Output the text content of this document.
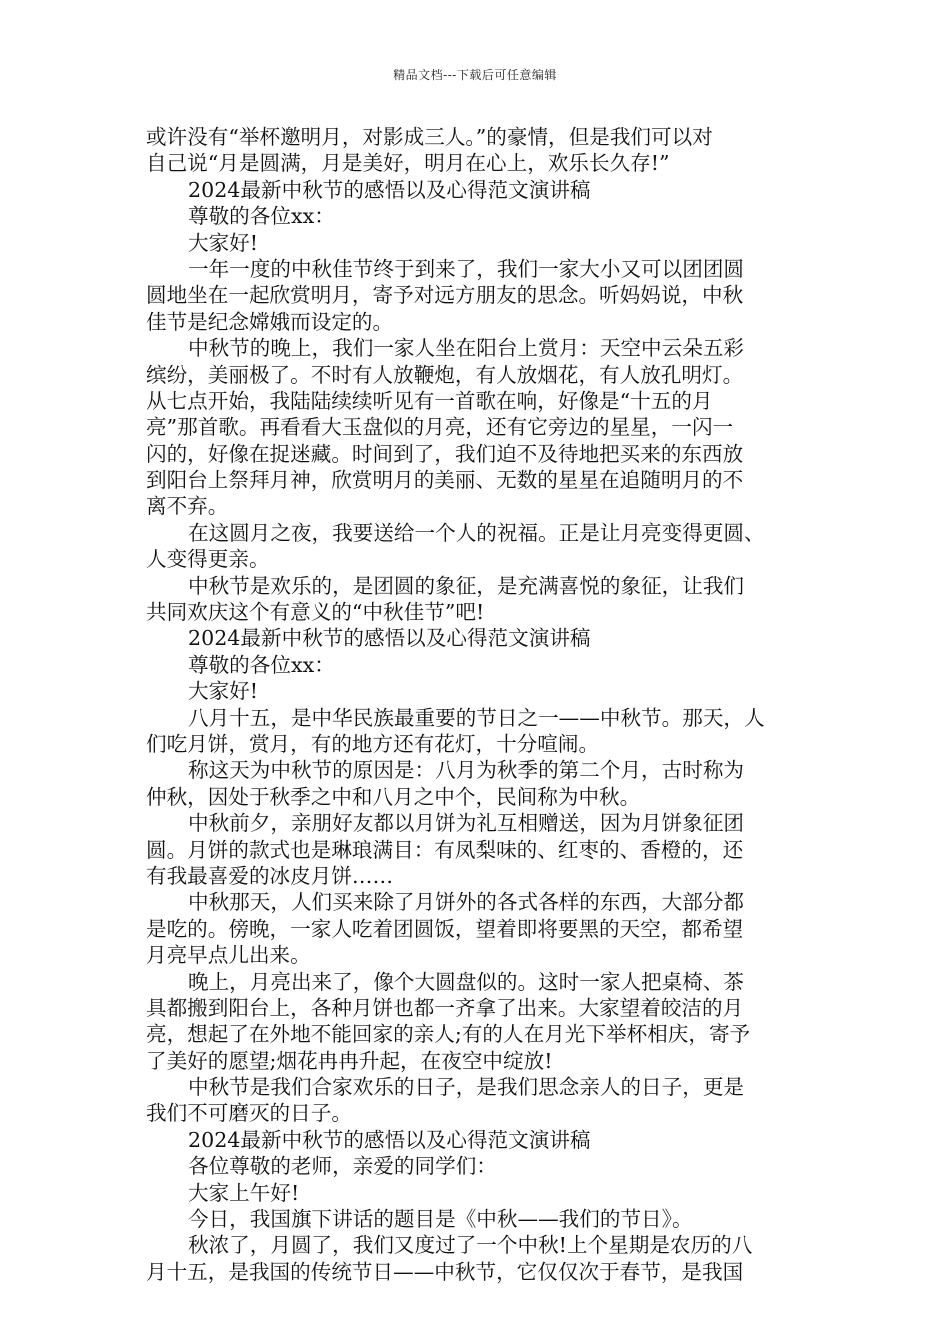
精品文档---下载后可任意编辑
或许没有“举杯邀明月，对影成三人。”的豪情，但是我们可以对
自己说“月是圆满，月是美好，明月在心上，欢乐长久存!”
2024最新中秋节的感悟以及心得范文演讲稿
尊敬的各位xx：
大家好!
一年一度的中秋佳节终于到来了，我们一家大小又可以团团圆
圆地坐在一起欣赏明月，寄予对远方朋友的思念。听妈妈说，中秋
佳节是纪念嫦娥而设定的。
中秋节的晚上，我们一家人坐在阳台上赏月：天空中云朵五彩
缤纷，美丽极了。不时有人放鞭炮，有人放烟花，有人放孔明灯。
从七点开始，我陆陆续续听见有一首歌在响，好像是“十五的月
亮”那首歌。再看看大玉盘似的月亮，还有它旁边的星星，一闪一
闪的，好像在捉迷藏。时间到了，我们迫不及待地把买来的东西放
到阳台上祭拜月神，欣赏明月的美丽、无数的星星在追随明月的不
离不弃。
在这圆月之夜，我要送给一个人的祝福。正是让月亮变得更圆、
人变得更亲。
中秋节是欢乐的，是团圆的象征，是充满喜悦的象征，让我们
共同欢庆这个有意义的“中秋佳节”吧!
2024最新中秋节的感悟以及心得范文演讲稿
尊敬的各位xx：
大家好!
八月十五，是中华民族最重要的节日之一——中秋节。那天，人
们吃月饼，赏月，有的地方还有花灯，十分喧闹。
称这天为中秋节的原因是：八月为秋季的第二个月，古时称为
仲秋，因处于秋季之中和八月之中个，民间称为中秋。
中秋前夕，亲朋好友都以月饼为礼互相赠送，因为月饼象征团
圆。月饼的款式也是琳琅满目：有凤梨味的、红枣的、香橙的，还
有我最喜爱的冰皮月饼……
中秋那天，人们买来除了月饼外的各式各样的东西，大部分都
是吃的。傍晚，一家人吃着团圆饭，望着即将要黑的天空，都希望
月亮早点儿出来。
晚上，月亮出来了，像个大圆盘似的。这时一家人把桌椅、茶
具都搬到阳台上，各种月饼也都一齐拿了出来。大家望着皎洁的月
亮，想起了在外地不能回家的亲人;有的人在月光下举杯相庆，寄予
了美好的愿望;烟花冉冉升起，在夜空中绽放!
中秋节是我们合家欢乐的日子，是我们思念亲人的日子，更是
我们不可磨灭的日子。
2024最新中秋节的感悟以及心得范文演讲稿
各位尊敬的老师，亲爱的同学们：
大家上午好!
今日，我国旗下讲话的题目是《中秋——我们的节日》。
秋浓了，月圆了，我们又度过了一个中秋!上个星期是农历的八
月十五，是我国的传统节日——中秋节，它仅仅次于春节，是我国
